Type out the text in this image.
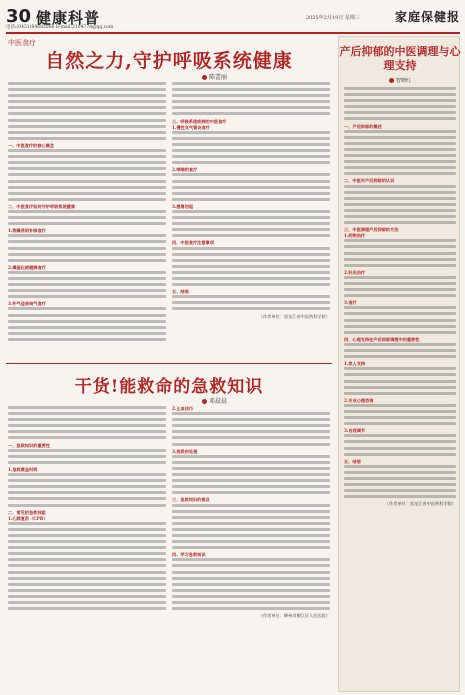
30 健康科普
电话:(0451)84685066 E-mail:2194778@qq.com
2025年2月19日 星期三	家庭保健报
中医食疗
自然之力,守护呼吸系统健康
陈蕾丽
一、中医食疗的核心概念
二、中医食疗如何守护呼吸系统健康
1.润燥养阴补肺食疗
2.燥湿化痰健脾食疗
3.补气益肾纳气食疗
三、呼吸系统疾病的中医食疗
1.慢性支气管炎食疗
2.哮喘的食疗
3.感冒初起
四、中医食疗注意事项
五、结语
（作者单位：黑龙江省中医药科学院）
干货!能救命的急救知识
邓晨晨
一、急救知识的重要性
1.急救黄金时间
二、常见的急救技能
1.心肺复苏（CPR）
2.止血技巧
3.烧烫伤处理
三、急救知识的普及
四、学习急救知识
（作者单位：柳州市柳江区人民医院）
产后抑郁的中医调理与心理支持
智晓红
一、产后抑郁的概述
二、中医对产后抑郁的认识
三、中医调理产后抑郁的方法
1.药物治疗
2.针灸治疗
3.食疗
四、心理支持在产后抑郁调理中的重要性
1.家人支持
2.专业心理咨询
3.自我调节
五、结语
（作者单位：黑龙江省中医药科学院）
